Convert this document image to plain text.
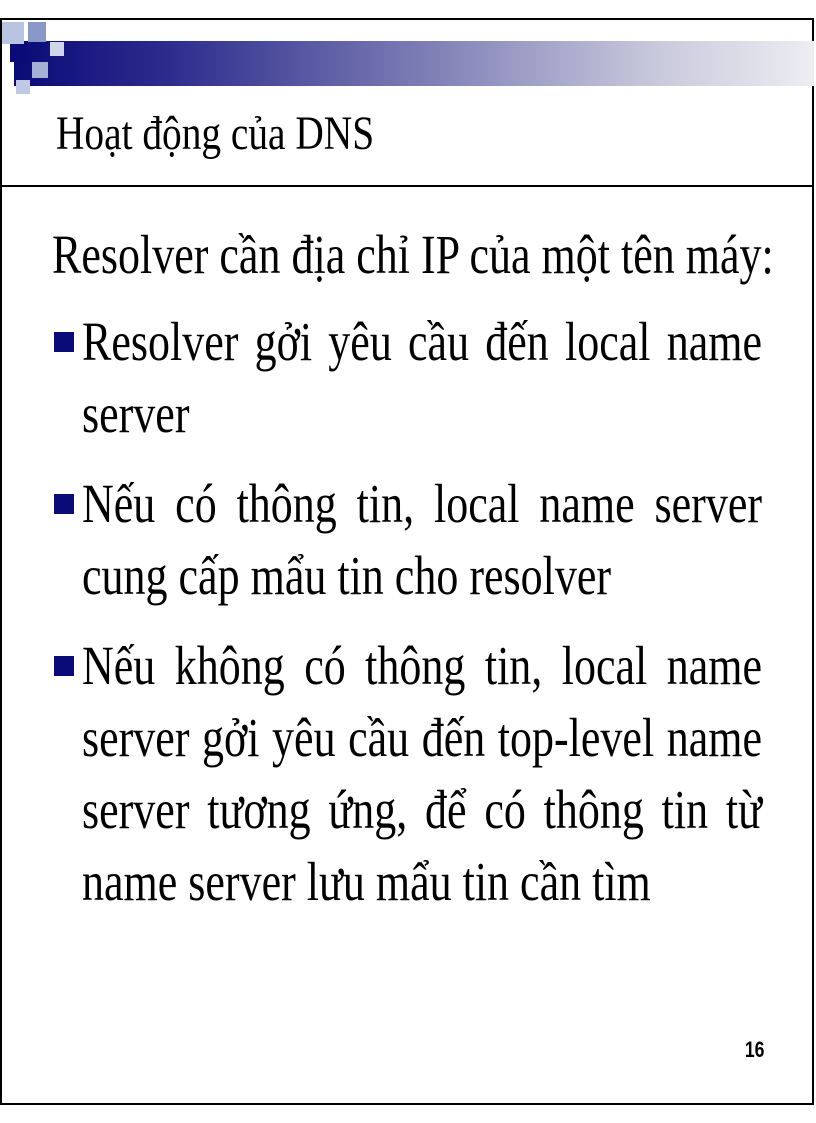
Hoạt động của DNS

Resolver cần địa chỉ IP của một tên máy:

Resolver gởi yêu cầu đến local name server
Nếu có thông tin, local name server cung cấp mẩu tin cho resolver
Nếu không có thông tin, local name server gởi yêu cầu đến top-level name server tương ứng, để có thông tin từ name server lưu mẩu tin cần tìm
16
